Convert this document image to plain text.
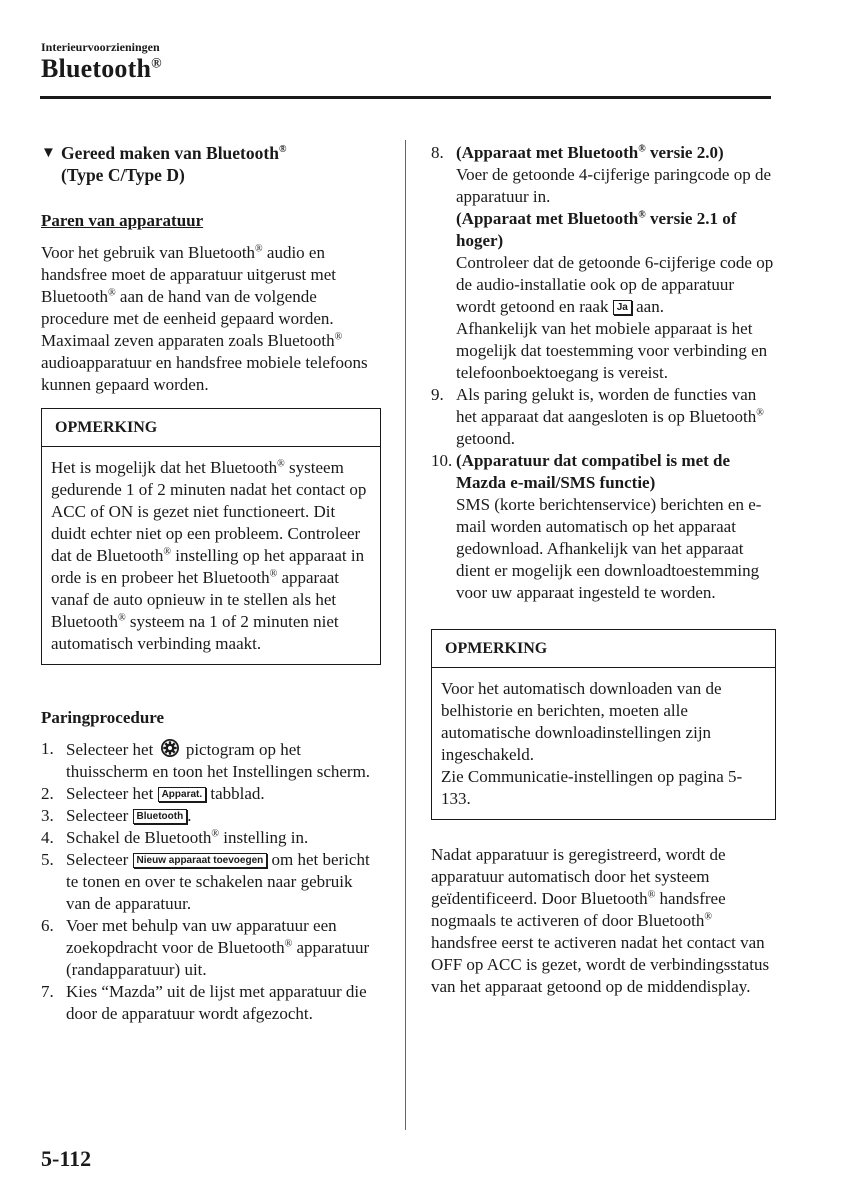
Interieurvoorzieningen
Bluetooth®
▼ Gereed maken van Bluetooth®
(Type C/Type D)

Paren van apparatuur

Voor het gebruik van Bluetooth® audio en handsfree moet de apparatuur uitgerust met Bluetooth® aan de hand van de volgende procedure met de eenheid gepaard worden. Maximaal zeven apparaten zoals Bluetooth® audioapparatuur en handsfree mobiele telefoons kunnen gepaard worden.

OPMERKING
Het is mogelijk dat het Bluetooth® systeem gedurende 1 of 2 minuten nadat het contact op ACC of ON is gezet niet functioneert. Dit duidt echter niet op een probleem. Controleer dat de Bluetooth® instelling op het apparaat in orde is en probeer het Bluetooth® apparaat vanaf de auto opnieuw in te stellen als het Bluetooth® systeem na 1 of 2 minuten niet automatisch verbinding maakt.

Paringprocedure

1. Selecteer het  pictogram op het thuisscherm en toon het Instellingen scherm.
2. Selecteer het Apparat. tabblad.
3. Selecteer Bluetooth .
4. Schakel de Bluetooth® instelling in.
5. Selecteer Nieuw apparaat toevoegen om het bericht te tonen en over te schakelen naar gebruik van de apparatuur.
6. Voer met behulp van uw apparatuur een zoekopdracht voor de Bluetooth® apparatuur (randapparatuur) uit.
7. Kies “Mazda” uit de lijst met apparatuur die door de apparatuur wordt afgezocht.
8. (Apparaat met Bluetooth® versie 2.0)
Voer de getoonde 4-cijferige paringcode op de apparatuur in.
(Apparaat met Bluetooth® versie 2.1 of hoger)
Controleer dat de getoonde 6-cijferige code op de audio-installatie ook op de apparatuur wordt getoond en raak Ja aan.
Afhankelijk van het mobiele apparaat is het mogelijk dat toestemming voor verbinding en telefoonboektoegang is vereist.
9. Als paring gelukt is, worden de functies van het apparaat dat aangesloten is op Bluetooth® getoond.
10. (Apparatuur dat compatibel is met de Mazda e-mail/SMS functie)
SMS (korte berichtenservice) berichten en e-mail worden automatisch op het apparaat gedownload. Afhankelijk van het apparaat dient er mogelijk een downloadtoestemming voor uw apparaat ingesteld te worden.
OPMERKING
Voor het automatisch downloaden van de belhistorie en berichten, moeten alle automatische downloadinstellingen zijn ingeschakeld.
Zie Communicatie-instellingen op pagina 5-133.

Nadat apparatuur is geregistreerd, wordt de apparatuur automatisch door het systeem geïdentificeerd. Door Bluetooth® handsfree nogmaals te activeren of door Bluetooth® handsfree eerst te activeren nadat het contact van OFF op ACC is gezet, wordt de verbindingsstatus van het apparaat getoond op de middendisplay.

5-112
